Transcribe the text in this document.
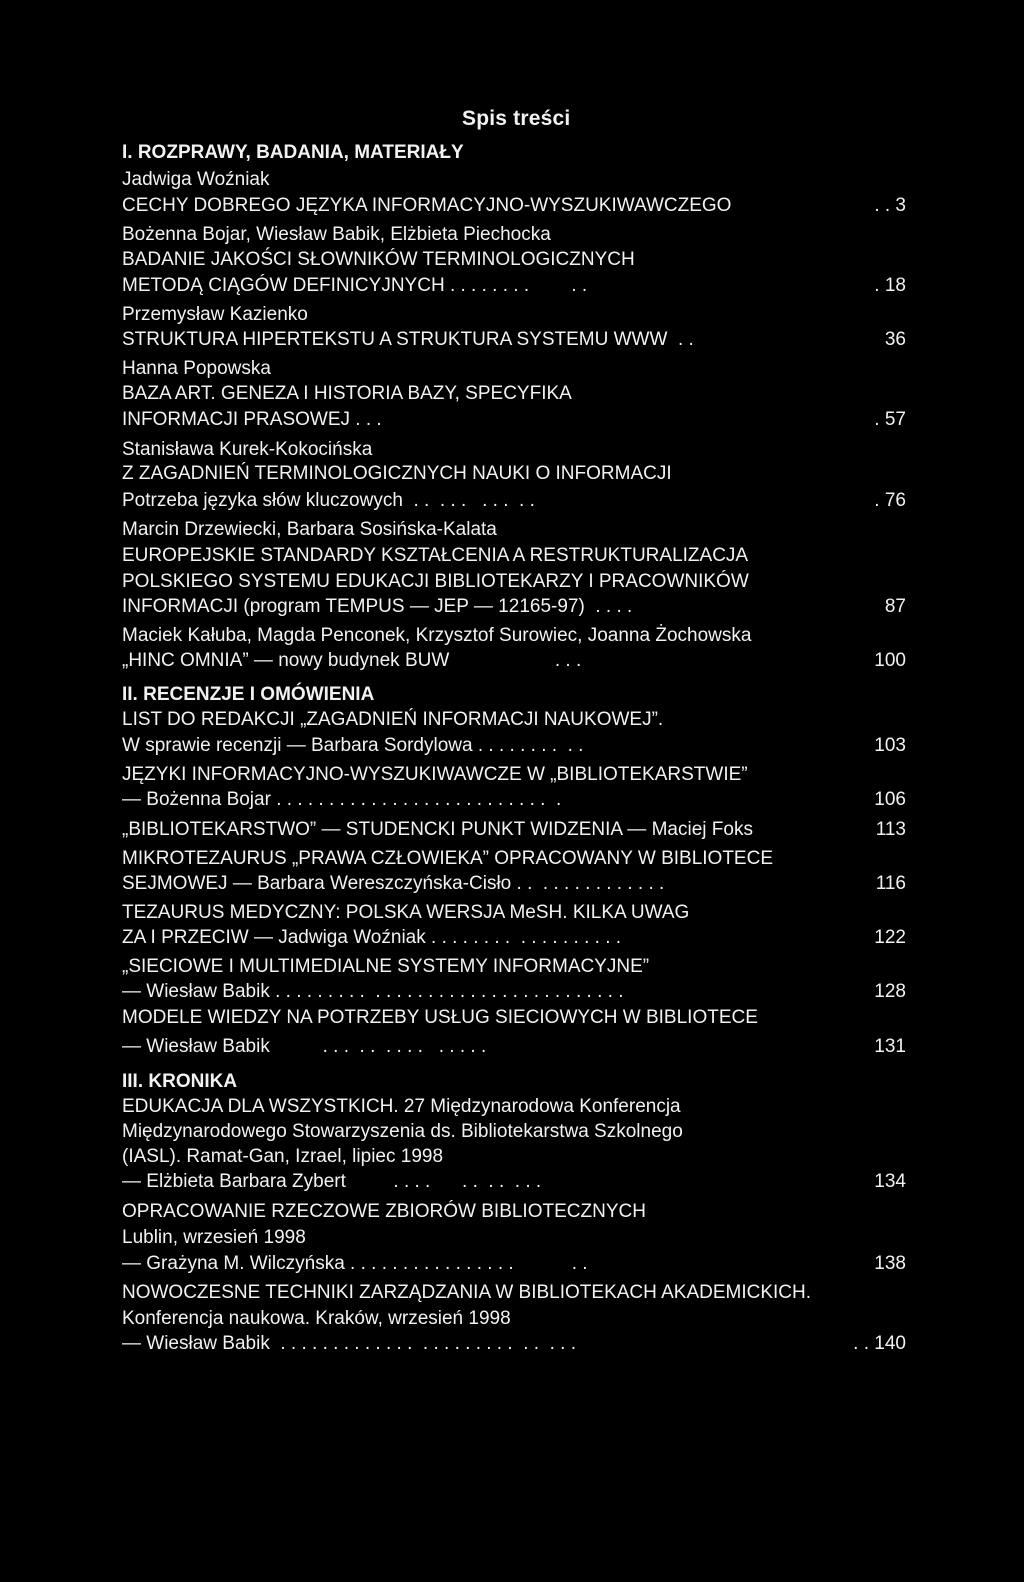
Spis treści
I. ROZPRAWY, BADANIA, MATERIAŁY
Jadwiga Woźniak
CECHY DOBREGO JĘZYKA INFORMACYJNO-WYSZUKIWAWCZEGO	. . 3
Bożenna Bojar, Wiesław Babik, Elżbieta Piechocka
BADANIE JAKOŚCI SŁOWNIKÓW TERMINOLOGICZNYCH
METODĄ CIĄGÓW DEFINICYJNYCH . . . . . . . .        . .	. 18
Przemysław Kazienko
STRUKTURA HIPERTEKSTU A STRUKTURA SYSTEMU WWW  . .	36
Hanna Popowska
BAZA ART. GENEZA I HISTORIA BAZY, SPECYFIKA
INFORMACJI PRASOWEJ . . .	. 57
Stanisława Kurek-Kokocińska
Z ZAGADNIEŃ TERMINOLOGICZNYCH NAUKI O INFORMACJI
Potrzeba języka słów kluczowych  . .  . . .   . . .  . .	. 76
Marcin Drzewiecki, Barbara Sosińska-Kalata
EUROPEJSKIE STANDARDY KSZTAŁCENIA A RESTRUKTURALIZACJA
POLSKIEGO SYSTEMU EDUKACJI BIBLIOTEKARZY I PRACOWNIKÓW
INFORMACJI (program TEMPUS — JEP — 12165-97)  . . . .	87
Maciek Kałuba, Magda Penconek, Krzysztof Surowiec, Joanna Żochowska
„HINC OMNIA” — nowy budynek BUW                    . . .	100
II. RECENZJE I OMÓWIENIA
LIST DO REDAKCJI „ZAGADNIEŃ INFORMACJI NAUKOWEJ”.
W sprawie recenzji — Barbara Sordylowa . . . . . . . .  . .	103
JĘZYKI INFORMACYJNO-WYSZUKIWAWCZE W „BIBLIOTEKARSTWIE”
— Bożenna Bojar . . . . . . . . . . . . . . . . . . . . . . . . . .  .	106
„BIBLIOTEKARSTWO” — STUDENCKI PUNKT WIDZENIA — Maciej Foks	113
MIKROTEZAURUS „PRAWA CZŁOWIEKA” OPRACOWANY W BIBLIOTECE
SEJMOWEJ — Barbara Wereszczyńska-Cisło . .  . . . . . . . . . . . .	116
TEZAURUS MEDYCZNY: POLSKA WERSJA MeSH. KILKA UWAG
ZA I PRZECIW — Jadwiga Woźniak . . . . . . . .  . . . . . . . . . .	122
„SIECIOWE I MULTIMEDIALNE SYSTEMY INFORMACYJNE”
— Wiesław Babik . . . . . . . . .  . . . . . . . . . . . . . . . . . . . . . . . .	128
MODELE WIEDZY NA POTRZEBY USŁUG SIECIOWYCH W BIBLIOTECE
— Wiesław Babik          . . .  . .  . . . .   . . . . .	131
III. KRONIKA
EDUKACJA DLA WSZYSTKICH. 27 Międzynarodowa Konferencja
Międzynarodowego Stowarzyszenia ds. Bibliotekarstwa Szkolnego
(IASL). Ramat-Gan, Izrael, lipiec 1998
— Elżbieta Barbara Zybert         . . . .      . .  . .  . . .	134
OPRACOWANIE RZECZOWE ZBIORÓW BIBLIOTECZNYCH
Lublin, wrzesień 1998
— Grażyna M. Wilczyńska . . . . . . . . . . . . . . . .           . .	138
NOWOCZESNE TECHNIKI ZARZĄDZANIA W BIBLIOTEKACH AKADEMICKICH.
Konferencja naukowa. Kraków, wrzesień 1998
— Wiesław Babik  . . . . . . . . . . . . .  . . . . . . . . .  . .  . . .	. . 140
